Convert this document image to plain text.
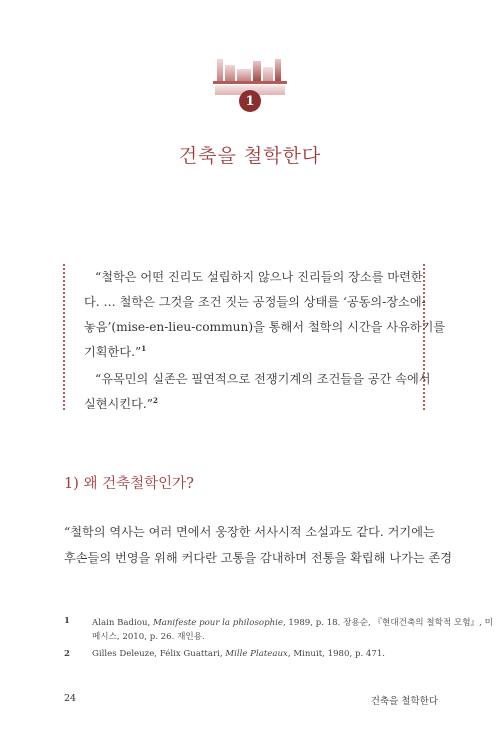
1
건축을 철학한다
“철학은 어떤 진리도 설립하지 않으나 진리들의 장소를 마련한
다. … 철학은 그것을 조건 짓는 공정들의 상태를 ‘공동의-장소에-
놓음’(mise-en-lieu-commun)을 통해서 철학의 시간을 사유하기를
기획한다.”$^1$
“유목민의 실존은 필연적으로 전쟁기계의 조건들을 공간 속에서
실현시킨다.”$^2$
1) 왜 건축철학인가?
“철학의 역사는 여러 면에서 웅장한 서사시적 소설과도 같다. 거기에는
후손들의 번영을 위해 커다란 고통을 감내하며 전통을 확립해 나가는 존경
1	Alain Badiou, Manifeste pour la philosophie, 1989, p. 18. 장용순, 『현대건축의 철학적 모험』, 미
메시스, 2010, p. 26. 재인용.
2	Gilles Deleuze, Félix Guattari, Mille Plateaux, Minuit, 1980, p. 471.
24	건축을 철학한다
